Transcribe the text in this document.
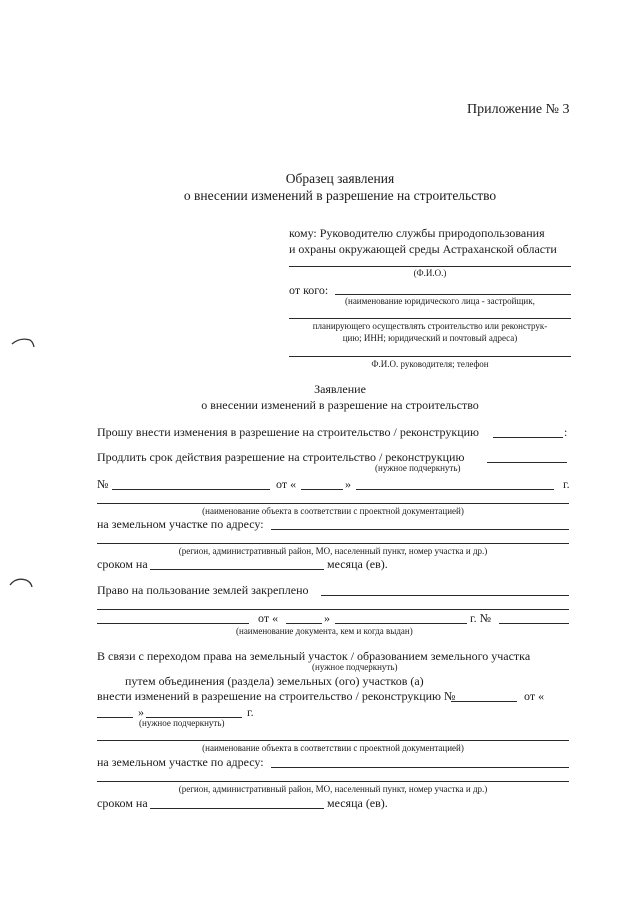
Приложение № 3
Образец заявления
о внесении изменений в разрешение на строительство
кому: Руководителю службы природопользования
и охраны окружающей среды Астраханской области
(Ф.И.О.)
от кого:
(наименование юридического лица - застройщик,
планирующего осуществлять строительство или реконструк-
цию; ИНН; юридический и почтовый адреса)
Ф.И.О. руководителя; телефон
Заявление
о внесении изменений в разрешение на строительство
Прошу внести изменения в разрешение на строительство / реконструкцию	:
Продлить срок действия разрешение на строительство / реконструкцию
(нужное подчеркнуть)
№	от «	»	г.
(наименование объекта в соответствии с проектной документацией)
на земельном участке по адресу:
(регион, административный район, МО, населенный пункт, номер участка и др.)
сроком на	месяца (ев).
Право на пользование землей закреплено
от «	»	г. №
(наименование документа, кем и когда выдан)
В связи с переходом права на земельный участок / образованием земельного участка
(нужное подчеркнуть)
путем объединения (раздела) земельных (ого) участков (а)
внести изменений в разрешение на строительство / реконструкцию №	от «
»	г.
(нужное подчеркнуть)
(наименование объекта в соответствии с проектной документацией)
на земельном участке по адресу:
(регион, административный район, МО, населенный пункт, номер участка и др.)
сроком на	месяца (ев).
